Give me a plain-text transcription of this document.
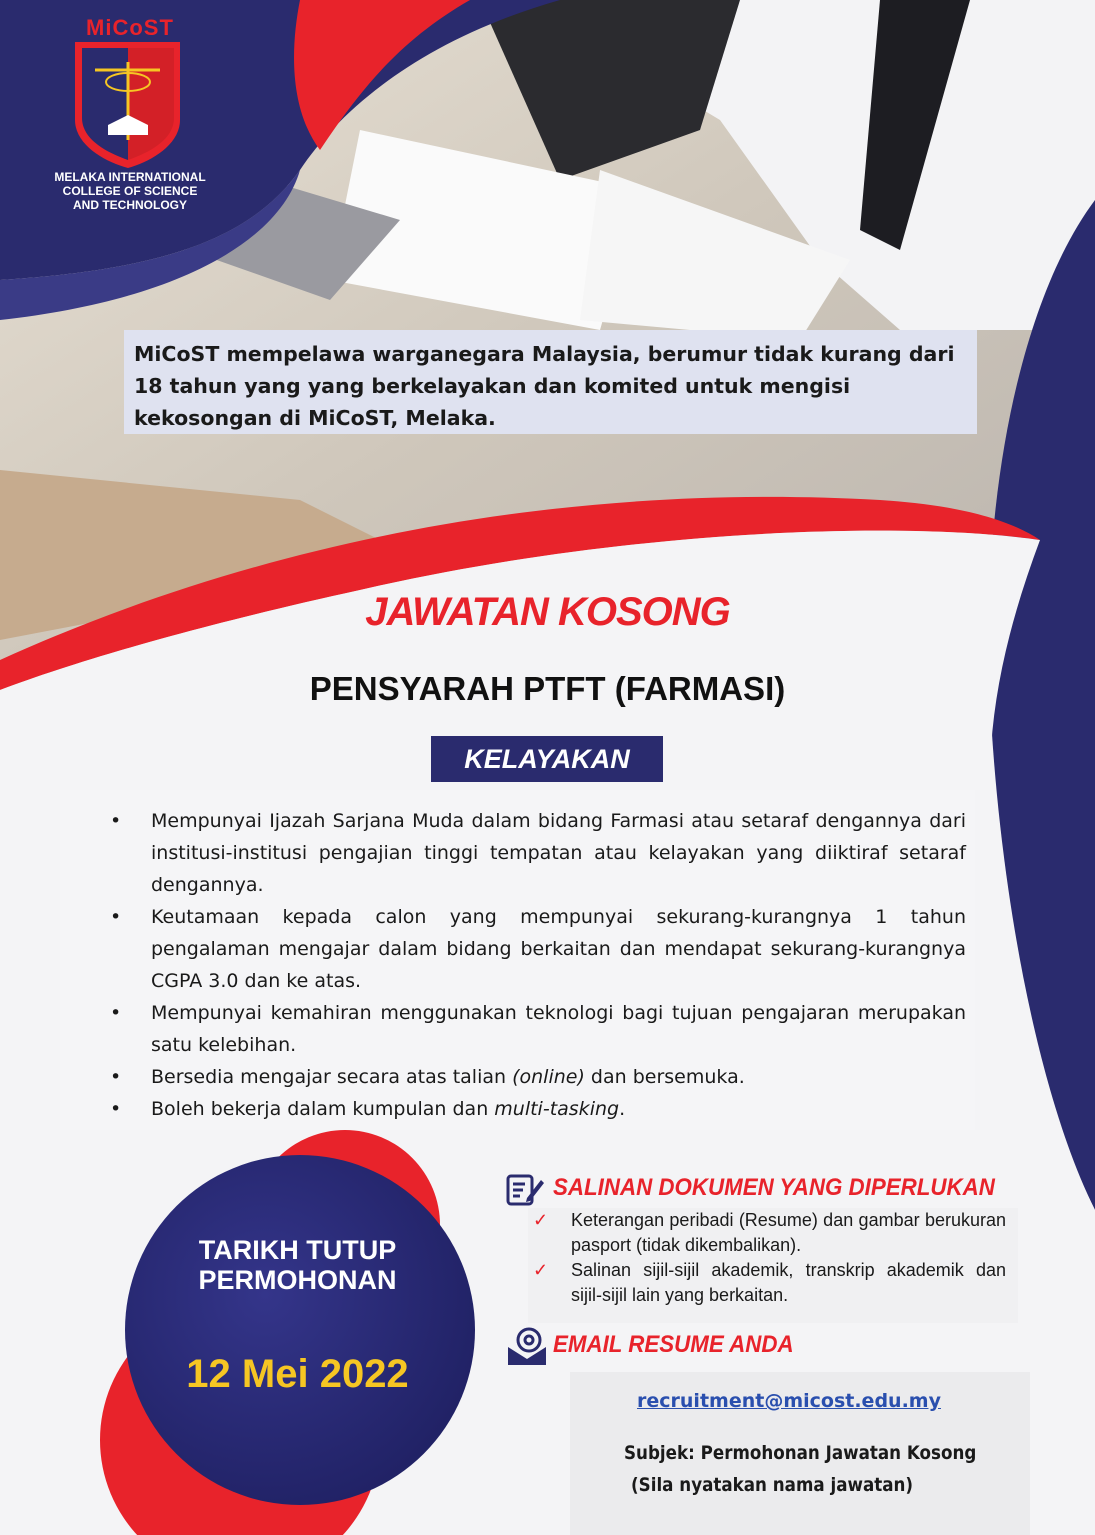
MiCoST
MELAKA INTERNATIONAL
COLLEGE OF SCIENCE
AND TECHNOLOGY
MiCoST mempelawa warganegara Malaysia, berumur tidak kurang dari 18 tahun yang yang berkelayakan dan komited untuk mengisi kekosongan di MiCoST, Melaka.
JAWATAN KOSONG
PENSYARAH PTFT (FARMASI)
KELAYAKAN
• Mempunyai Ijazah Sarjana Muda dalam bidang Farmasi atau setaraf dengannya dari institusi-institusi pengajian tinggi tempatan atau kelayakan yang diiktiraf setaraf dengannya.
• Keutamaan kepada calon yang mempunyai sekurang-kurangnya 1 tahun pengalaman mengajar dalam bidang berkaitan dan mendapat sekurang-kurangnya CGPA 3.0 dan ke atas.
• Mempunyai kemahiran menggunakan teknologi bagi tujuan pengajaran merupakan satu kelebihan.
• Bersedia mengajar secara atas talian (online) dan bersemuka.
• Boleh bekerja dalam kumpulan dan multi-tasking.
TARIKH TUTUP
PERMOHONAN
12 Mei 2022
SALINAN DOKUMEN YANG DIPERLUKAN
✓ Keterangan peribadi (Resume) dan gambar berukuran pasport (tidak dikembalikan).
✓ Salinan sijil-sijil akademik, transkrip akademik dan sijil-sijil lain yang berkaitan.
EMAIL RESUME ANDA
recruitment@micost.edu.my
Subjek: Permohonan Jawatan Kosong
(Sila nyatakan nama jawatan)
